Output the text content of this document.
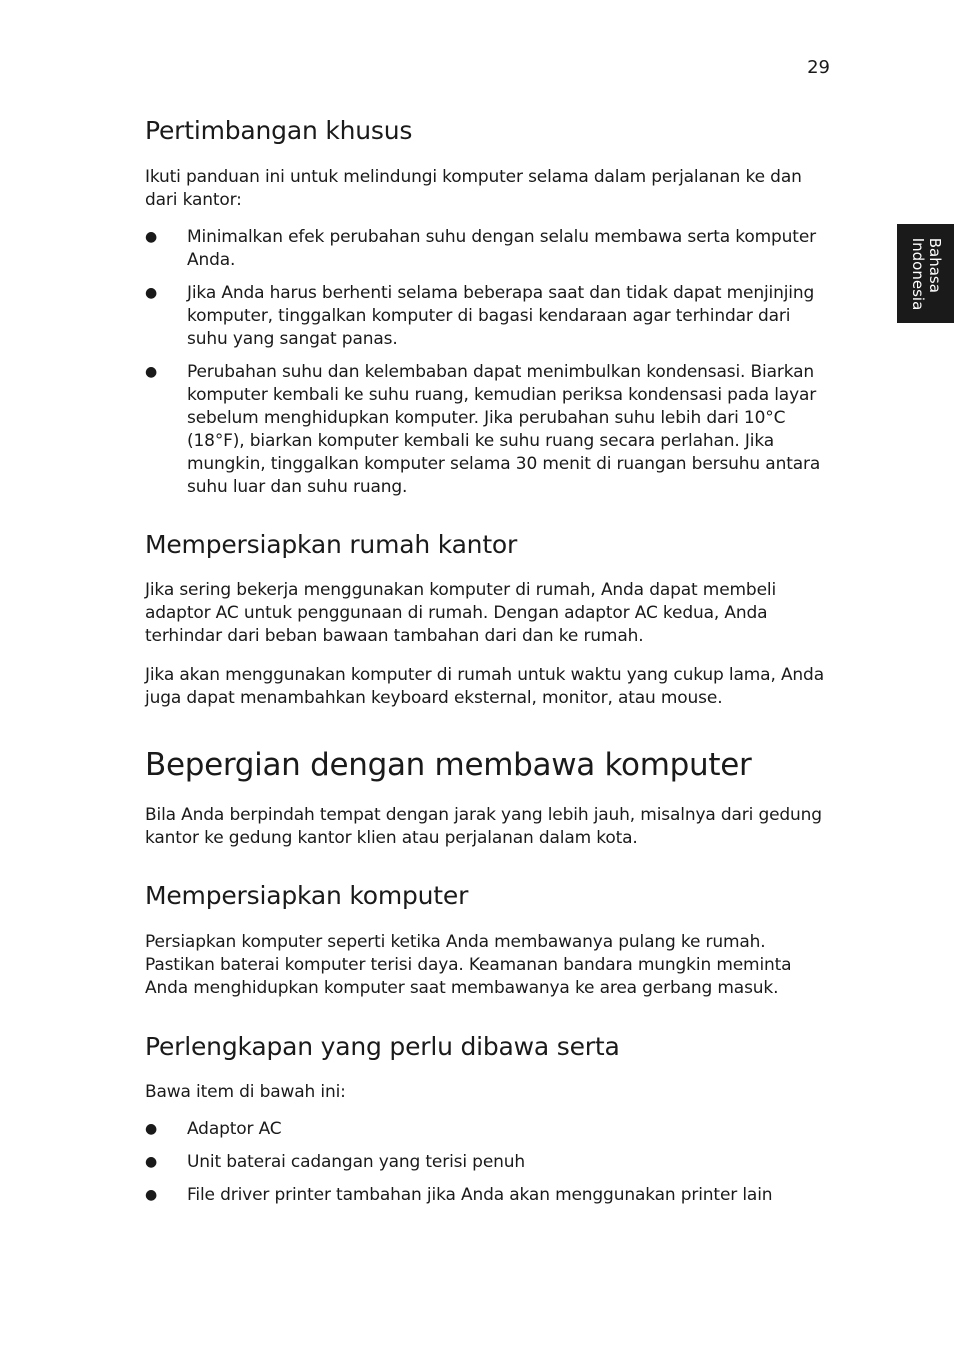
29
Bahasa
Indonesia
Pertimbangan khusus

Ikuti panduan ini untuk melindungi komputer selama dalam perjalanan ke dan dari kantor:

● Minimalkan efek perubahan suhu dengan selalu membawa serta komputer Anda.
● Jika Anda harus berhenti selama beberapa saat dan tidak dapat menjinjing komputer, tinggalkan komputer di bagasi kendaraan agar terhindar dari suhu yang sangat panas.
● Perubahan suhu dan kelembaban dapat menimbulkan kondensasi. Biarkan komputer kembali ke suhu ruang, kemudian periksa kondensasi pada layar sebelum menghidupkan komputer. Jika perubahan suhu lebih dari 10°C (18°F), biarkan komputer kembali ke suhu ruang secara perlahan. Jika mungkin, tinggalkan komputer selama 30 menit di ruangan bersuhu antara suhu luar dan suhu ruang.
Mempersiapkan rumah kantor

Jika sering bekerja menggunakan komputer di rumah, Anda dapat membeli adaptor AC untuk penggunaan di rumah. Dengan adaptor AC kedua, Anda terhindar dari beban bawaan tambahan dari dan ke rumah.

Jika akan menggunakan komputer di rumah untuk waktu yang cukup lama, Anda juga dapat menambahkan keyboard eksternal, monitor, atau mouse.

Bepergian dengan membawa komputer

Bila Anda berpindah tempat dengan jarak yang lebih jauh, misalnya dari gedung kantor ke gedung kantor klien atau perjalanan dalam kota.

Mempersiapkan komputer

Persiapkan komputer seperti ketika Anda membawanya pulang ke rumah. Pastikan baterai komputer terisi daya. Keamanan bandara mungkin meminta Anda menghidupkan komputer saat membawanya ke area gerbang masuk.

Perlengkapan yang perlu dibawa serta

Bawa item di bawah ini:

● Adaptor AC
● Unit baterai cadangan yang terisi penuh
● File driver printer tambahan jika Anda akan menggunakan printer lain
